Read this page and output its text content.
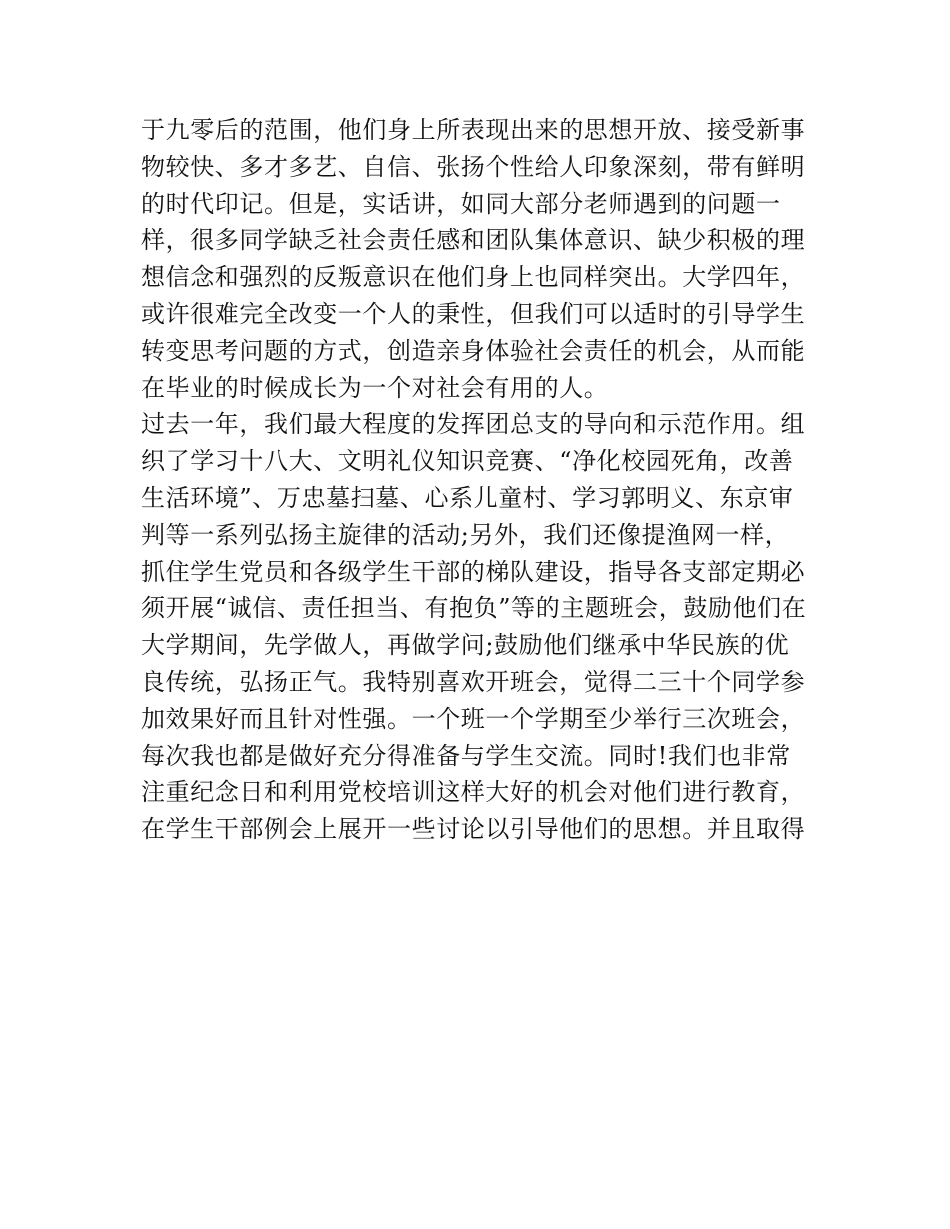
于九零后的范围，他们身上所表现出来的思想开放、接受新事
物较快、多才多艺、自信、张扬个性给人印象深刻，带有鲜明
的时代印记。但是，实话讲，如同大部分老师遇到的问题一
样，很多同学缺乏社会责任感和团队集体意识、缺少积极的理
想信念和强烈的反叛意识在他们身上也同样突出。大学四年，
或许很难完全改变一个人的秉性，但我们可以适时的引导学生
转变思考问题的方式，创造亲身体验社会责任的机会，从而能
在毕业的时候成长为一个对社会有用的人。
过去一年，我们最大程度的发挥团总支的导向和示范作用。组
织了学习十八大、文明礼仪知识竞赛、“净化校园死角，改善
生活环境”、万忠墓扫墓、心系儿童村、学习郭明义、东京审
判等一系列弘扬主旋律的活动;另外，我们还像提渔网一样，
抓住学生党员和各级学生干部的梯队建设，指导各支部定期必
须开展“诚信、责任担当、有抱负”等的主题班会，鼓励他们在
大学期间，先学做人，再做学问;鼓励他们继承中华民族的优
良传统，弘扬正气。我特别喜欢开班会，觉得二三十个同学参
加效果好而且针对性强。一个班一个学期至少举行三次班会，
每次我也都是做好充分得准备与学生交流。同时!我们也非常
注重纪念日和利用党校培训这样大好的机会对他们进行教育，
在学生干部例会上展开一些讨论以引导他们的思想。并且取得
